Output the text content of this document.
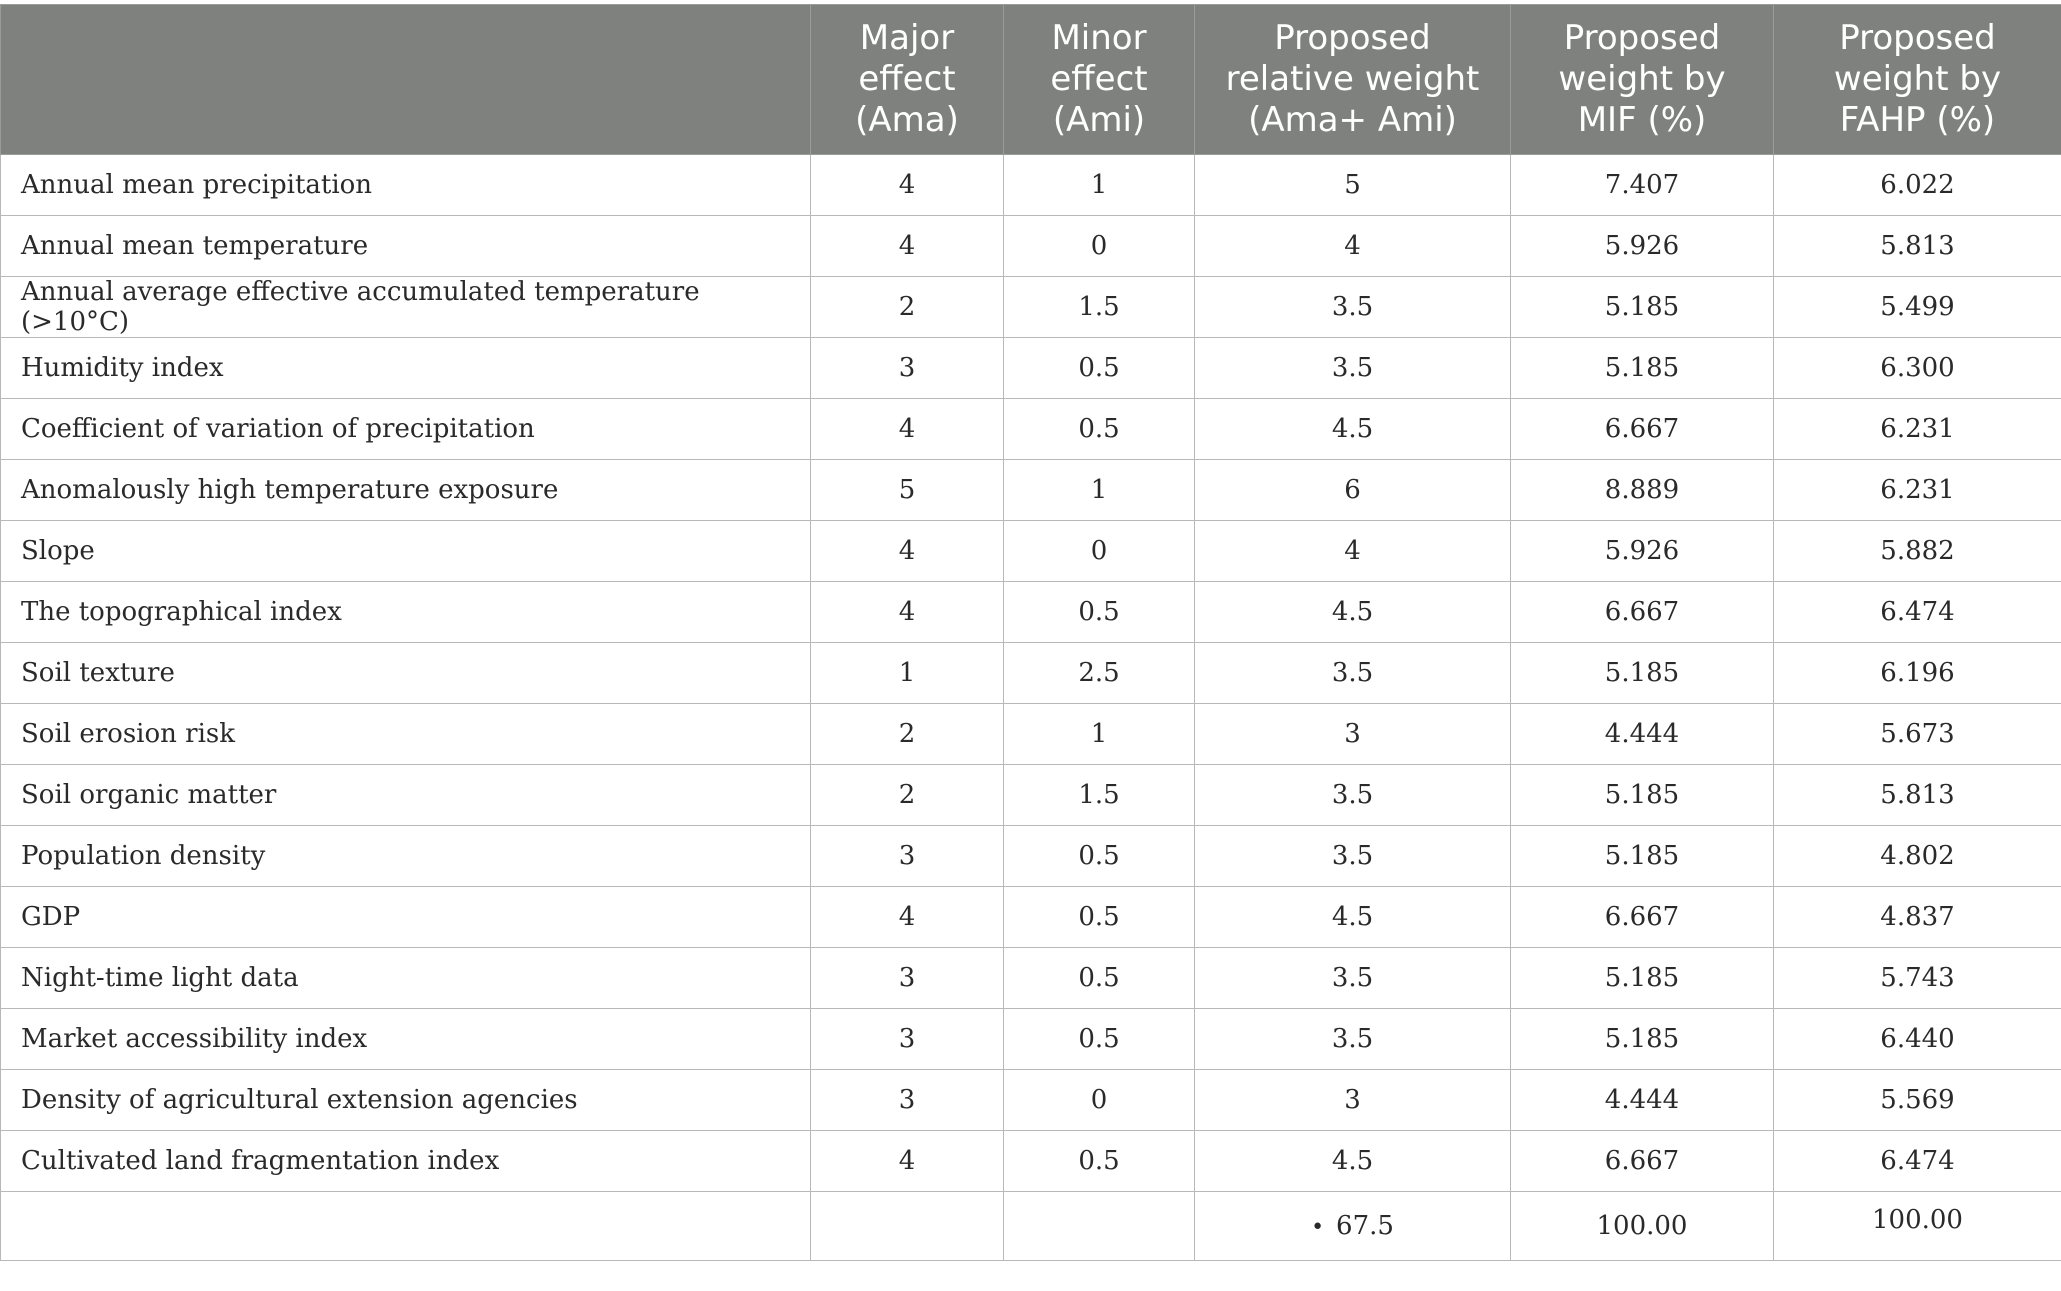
	Major
effect
(Ama)	Minor
effect
(Ami)	Proposed
relative weight
(Ama+ Ami)	Proposed
weight by
MIF (%)	Proposed
weight by
FAHP (%)
Annual mean precipitation	4	1	5	7.407	6.022
Annual mean temperature	4	0	4	5.926	5.813
Annual average effective accumulated temperature (>10°C)	2	1.5	3.5	5.185	5.499
Humidity index	3	0.5	3.5	5.185	6.300
Coefficient of variation of precipitation	4	0.5	4.5	6.667	6.231
Anomalously high temperature exposure	5	1	6	8.889	6.231
Slope	4	0	4	5.926	5.882
The topographical index	4	0.5	4.5	6.667	6.474
Soil texture	1	2.5	3.5	5.185	6.196
Soil erosion risk	2	1	3	4.444	5.673
Soil organic matter	2	1.5	3.5	5.185	5.813
Population density	3	0.5	3.5	5.185	4.802
GDP	4	0.5	4.5	6.667	4.837
Night-time light data	3	0.5	3.5	5.185	5.743
Market accessibility index	3	0.5	3.5	5.185	6.440
Density of agricultural extension agencies	3	0	3	4.444	5.569
Cultivated land fragmentation index	4	0.5	4.5	6.667	6.474
			• 67.5	100.00	100.00
